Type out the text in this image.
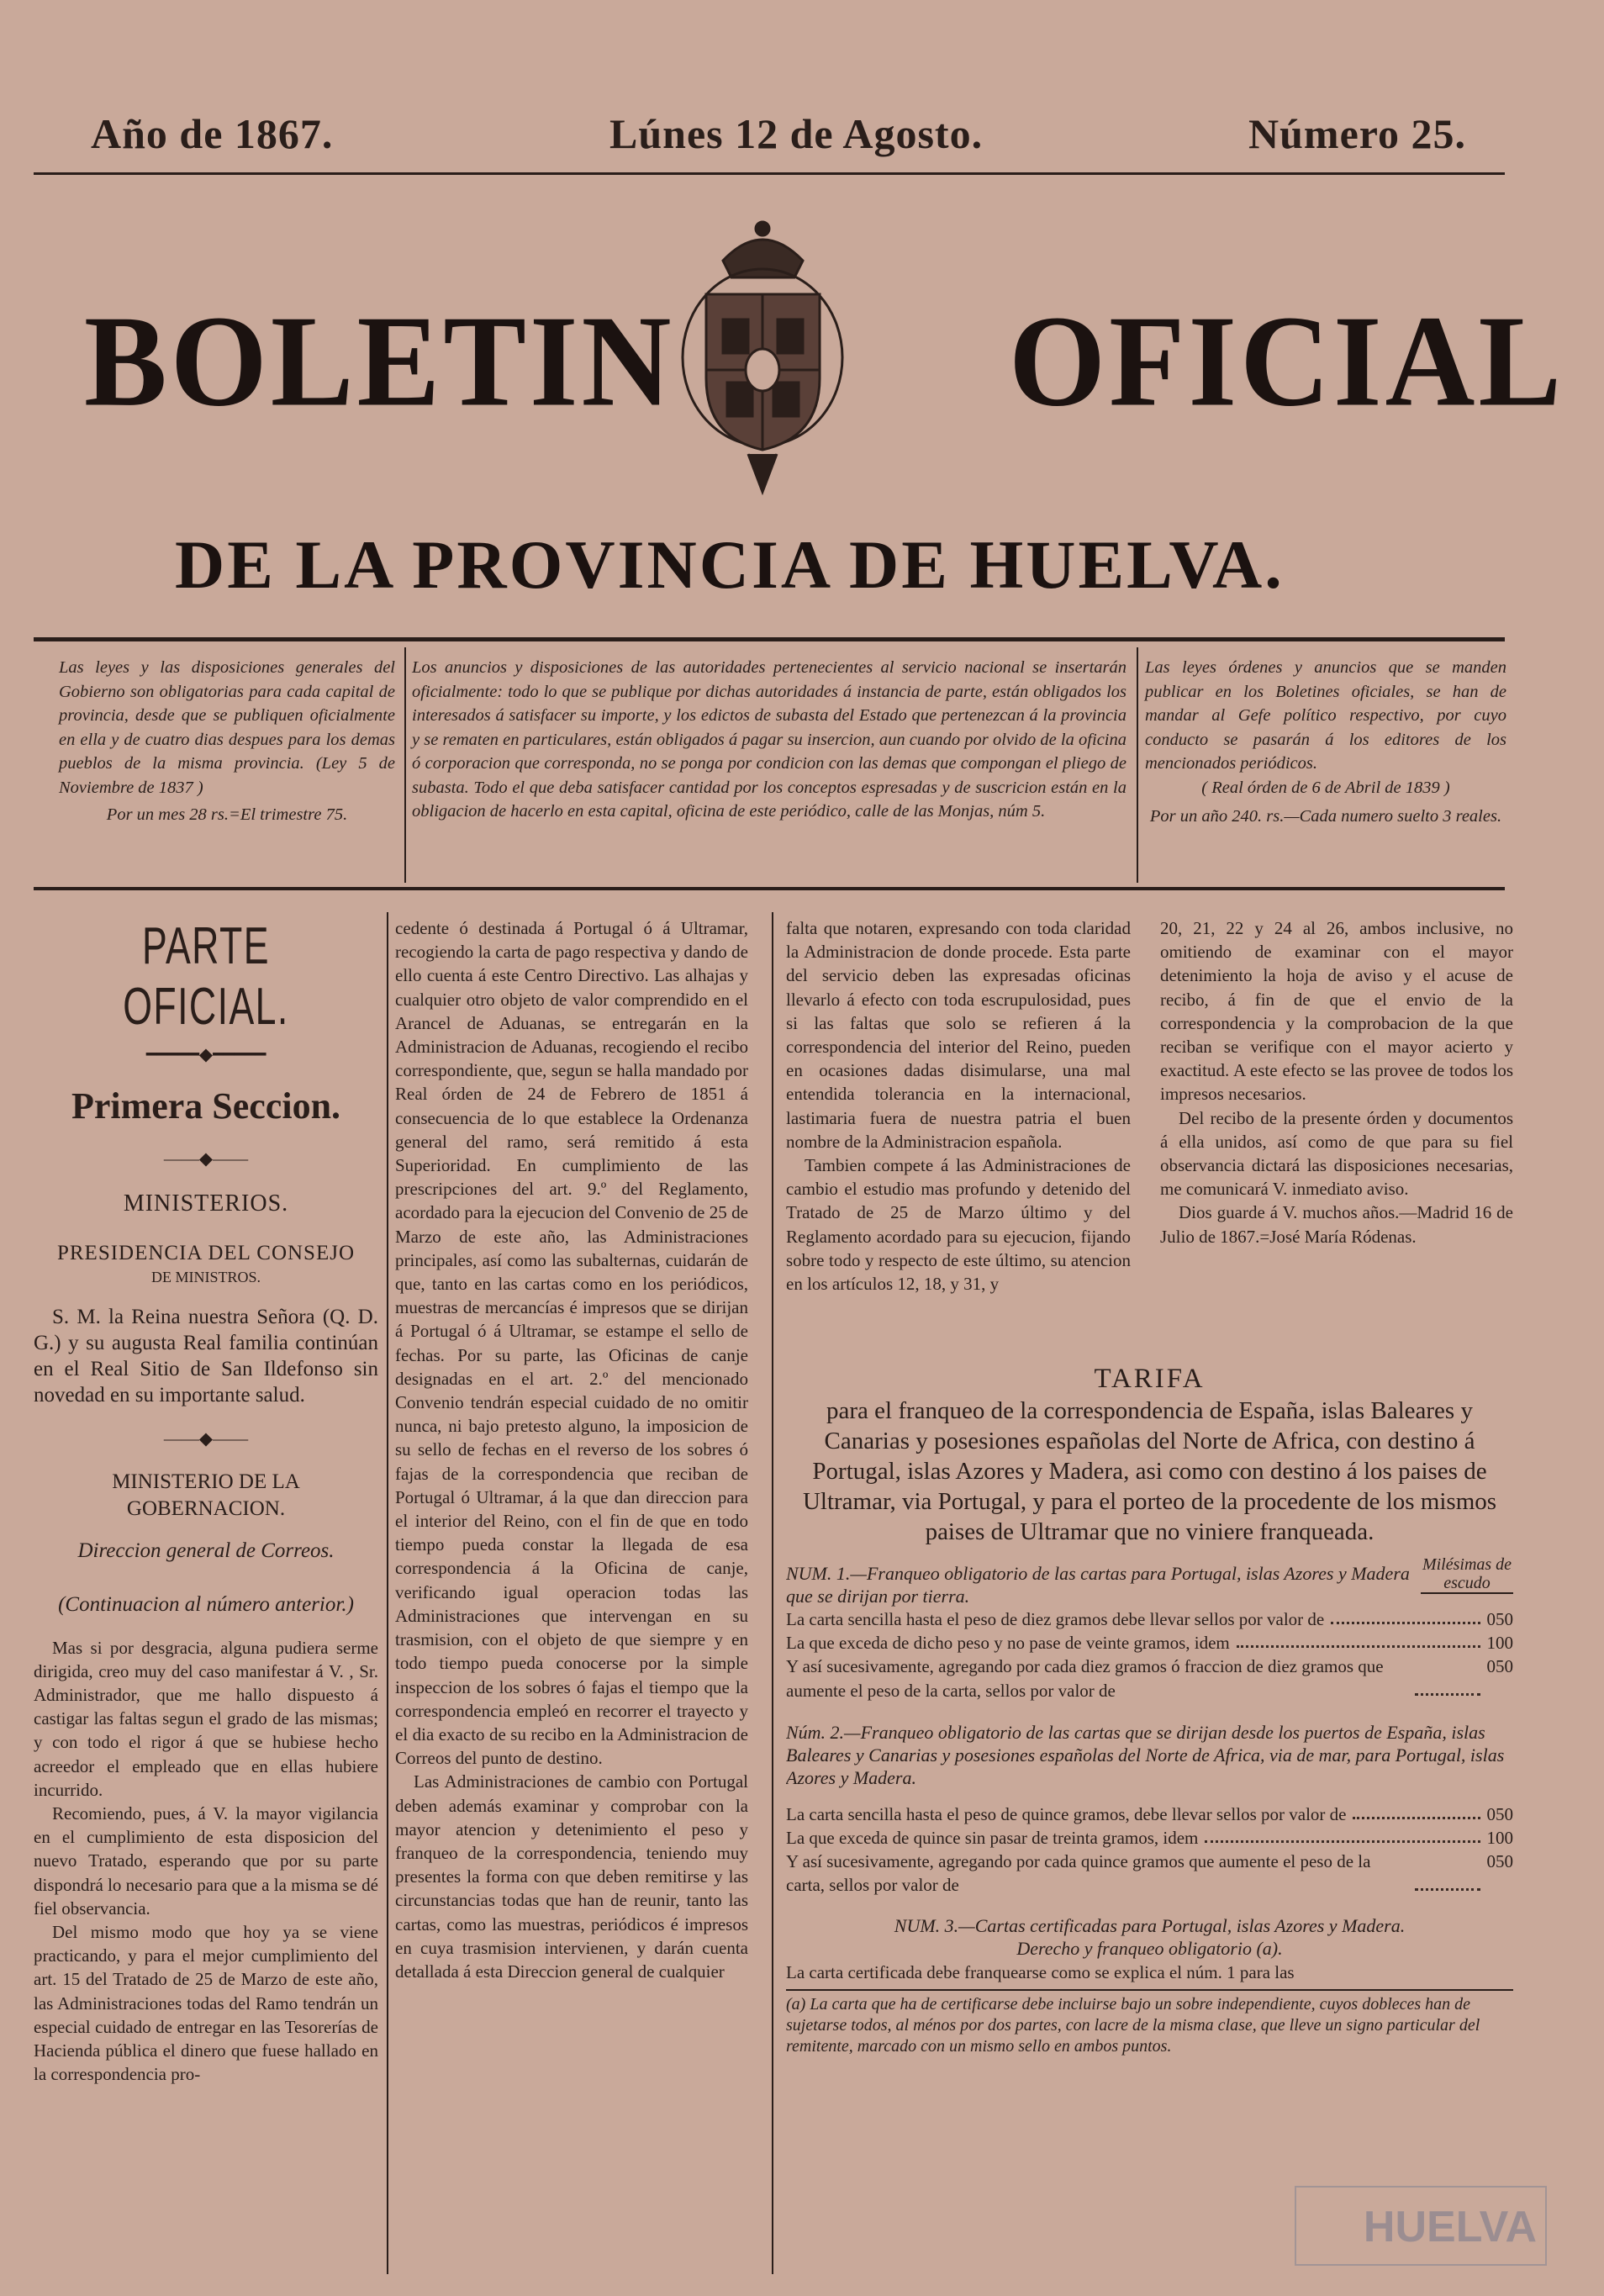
Año de 1867.	Lúnes 12 de Agosto.	Número 25.
BOLETIN	OFICIAL
DE LA PROVINCIA DE HUELVA.
Las leyes y las disposiciones generales del Gobierno son obligatorias para cada capital de provincia, desde que se publiquen oficialmente en ella y de cuatro dias despues para los demas pueblos de la misma provincia. (Ley 5 de Noviembre de 1837 )
Por un mes 28 rs.=El trimestre 75.
Los anuncios y disposiciones de las autoridades pertenecientes al servicio nacional se insertarán oficialmente: todo lo que se publique por dichas autoridades á instancia de parte, están obligados los interesados á satisfacer su importe, y los edictos de subasta del Estado que pertenezcan á la provincia y se rematen en particulares, están obligados á pagar su insercion, aun cuando por olvido de la oficina ó corporacion que corresponda, no se ponga por condicion con las demas que compongan el pliego de subasta. Todo el que deba satisfacer cantidad por los conceptos espresadas y de suscricion están en la obligacion de hacerlo en esta capital, oficina de este periódico, calle de las Monjas, núm 5.
Las leyes órdenes y anuncios que se manden publicar en los Boletines oficiales, se han de mandar al Gefe político respectivo, por cuyo conducto se pasarán á los editores de los mencionados periódicos.
( Real órden de 6 de Abril de 1839 )
Por un año 240. rs.—Cada numero suelto 3 reales.
PARTE OFICIAL.
━━━━━◆━━━━━
Primera Seccion.
——◆——
MINISTERIOS.
PRESIDENCIA DEL CONSEJO
DE MINISTROS.

S. M. la Reina nuestra Señora (Q. D. G.) y su augusta Real familia continúan en el Real Sitio de San Ildefonso sin novedad en su importante salud.

——◆——
MINISTERIO DE LA GOBERNACION.
Direccion general de Correos.
(Continuacion al número anterior.)

Mas si por desgracia, alguna pudiera serme dirigida, creo muy del caso manifestar á V. , Sr. Administrador, que me hallo dispuesto á castigar las faltas segun el grado de las mismas; y con todo el rigor á que se hubiese hecho acreedor el empleado que en ellas hubiere incurrido.

Recomiendo, pues, á V. la mayor vigilancia en el cumplimiento de esta disposicion del nuevo Tratado, esperando que por su parte dispondrá lo necesario para que a la misma se dé fiel observancia.

Del mismo modo que hoy ya se viene practicando, y para el mejor cumplimiento del art. 15 del Tratado de 25 de Marzo de este año, las Administraciones todas del Ramo tendrán un especial cuidado de entregar en las Tesorerías de Hacienda pública el dinero que fuese hallado en la correspondencia pro-

cedente ó destinada á Portugal ó á Ultramar, recogiendo la carta de pago respectiva y dando de ello cuenta á este Centro Directivo. Las alhajas y cualquier otro objeto de valor comprendido en el Arancel de Aduanas, se entregarán en la Administracion de Aduanas, recogiendo el recibo correspondiente, que, segun se halla mandado por Real órden de 24 de Febrero de 1851 á consecuencia de lo que establece la Ordenanza general del ramo, será remitido á esta Superioridad. En cumplimiento de las prescripciones del art. 9.º del Reglamento, acordado para la ejecucion del Convenio de 25 de Marzo de este año, las Administraciones principales, así como las subalternas, cuidarán de que, tanto en las cartas como en los periódicos, muestras de mercancías é impresos que se dirijan á Portugal ó á Ultramar, se estampe el sello de fechas. Por su parte, las Oficinas de canje designadas en el art. 2.º del mencionado Convenio tendrán especial cuidado de no omitir nunca, ni bajo pretesto alguno, la imposicion de su sello de fechas en el reverso de los sobres ó fajas de la correspondencia que reciban de Portugal ó Ultramar, á la que dan direccion para el interior del Reino, con el fin de que en todo tiempo pueda constar la llegada de esa correspondencia á la Oficina de canje, verificando igual operacion todas las Administraciones que intervengan en su trasmision, con el objeto de que siempre y en todo tiempo pueda conocerse por la simple inspeccion de los sobres ó fajas el tiempo que la correspondencia empleó en recorrer el trayecto y el dia exacto de su recibo en la Administracion de Correos del punto de destino.

Las Administraciones de cambio con Portugal deben además examinar y comprobar con la mayor atencion y detenimiento el peso y franqueo de la correspondencia, teniendo muy presentes la forma con que deben remitirse y las circunstancias todas que han de reunir, tanto las cartas, como las muestras, periódicos é impresos en cuya trasmision intervienen, y darán cuenta detallada á esta Direccion general de cualquier

falta que notaren, expresando con toda claridad la Administracion de donde procede. Esta parte del servicio deben las expresadas oficinas llevarlo á efecto con toda escrupulosidad, pues si las faltas que solo se refieren á la correspondencia del interior del Reino, pueden en ocasiones dadas disimularse, una mal entendida tolerancia en la internacional, lastimaria fuera de nuestra patria el buen nombre de la Administracion española.

Tambien compete á las Administraciones de cambio el estudio mas profundo y detenido del Tratado de 25 de Marzo último y del Reglamento acordado para su ejecucion, fijando sobre todo y respecto de este último, su atencion en los artículos 12, 18, y 31, y

20, 21, 22 y 24 al 26, ambos inclusive, no omitiendo de examinar con el mayor detenimiento la hoja de aviso y el acuse de recibo, á fin de que el envio de la correspondencia y la comprobacion de la que reciban se verifique con el mayor acierto y exactitud. A este efecto se las provee de todos los impresos necesarios.

Del recibo de la presente órden y documentos á ella unidos, así como de que para su fiel observancia dictará las disposiciones necesarias, me comunicará V. inmediato aviso.

Dios guarde á V. muchos años.—Madrid 16 de Julio de 1867.=José María Ródenas.

TARIFA
para el franqueo de la correspondencia de España, islas Baleares y Canarias y posesiones españolas del Norte de Africa, con destino á Portugal, islas Azores y Madera, asi como con destino á los paises de Ultramar, via Portugal, y para el porteo de la procedente de los mismos paises de Ultramar que no viniere franqueada.
Milésimas de escudo
NUM. 1.—Franqueo obligatorio de las cartas para Portugal, islas Azores y Madera que se dirijan por tierra.
La carta sencilla hasta el peso de diez gramos debe llevar sellos por valor de	050
La que exceda de dicho peso y no pase de veinte gramos, idem	100
Y así sucesivamente, agregando por cada diez gramos ó fraccion de diez gramos que aumente el peso de la carta, sellos por valor de
050
Núm. 2.—Franqueo obligatorio de las cartas que se dirijan desde los puertos de España, islas Baleares y Canarias y posesiones españolas del Norte de Africa, via de mar, para Portugal, islas Azores y Madera.
La carta sencilla hasta el peso de quince gramos, debe llevar sellos por valor de	050
La que exceda de quince sin pasar de treinta gramos, idem	100
Y así sucesivamente, agregando por cada quince gramos que aumente el peso de la carta, sellos por valor de
050
NUM. 3.—Cartas certificadas para Portugal, islas Azores y Madera.
Derecho y franqueo obligatorio (a).
La carta certificada debe franquearse como se explica el núm. 1 para las
(a) La carta que ha de certificarse debe incluirse bajo un sobre independiente, cuyos dobleces han de sujetarse todos, al ménos por dos partes, con lacre de la misma clase, que lleve un signo particular del remitente, marcado con un mismo sello en ambos puntos.
HUELVA
